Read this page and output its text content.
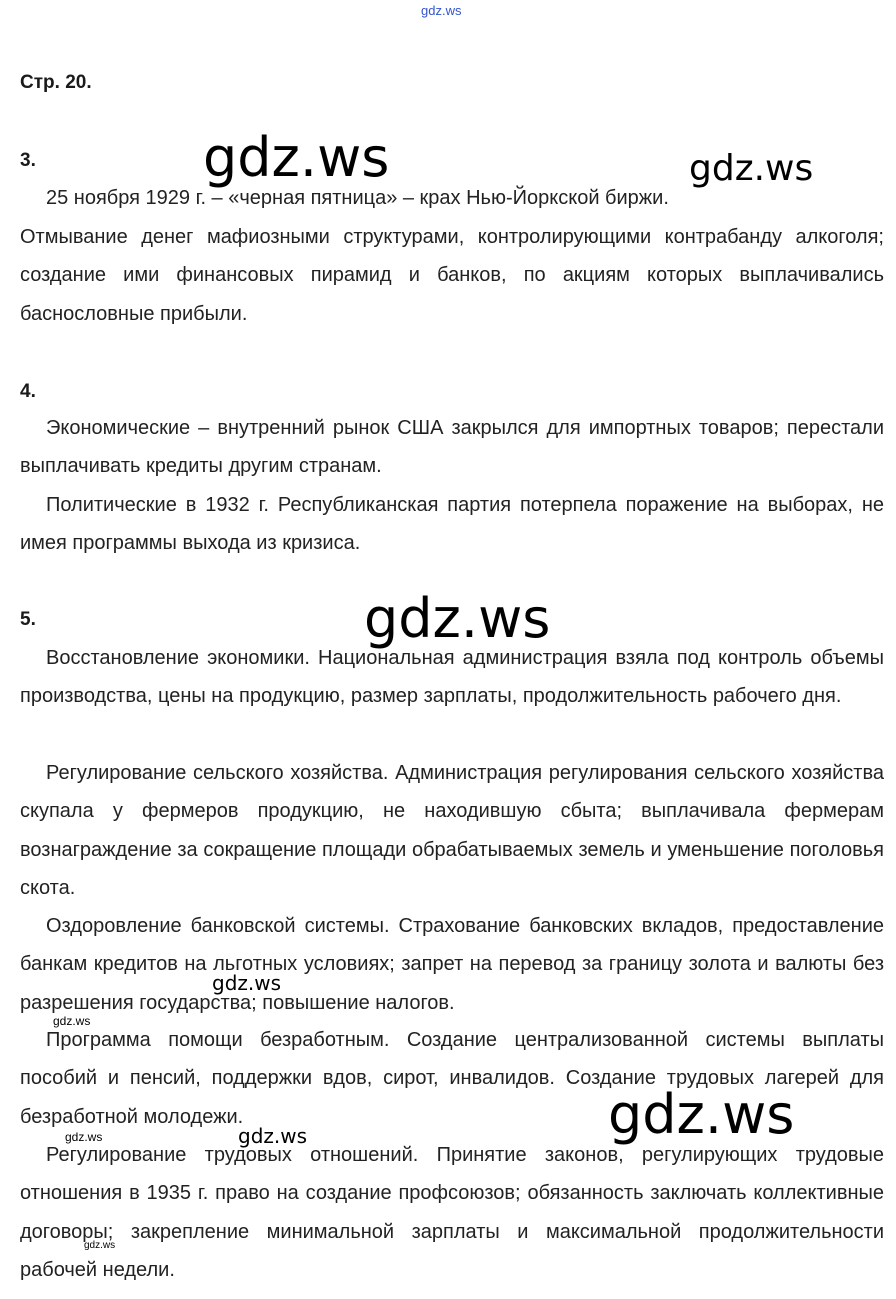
gdz.ws
Стр. 20.
3.

25 ноября 1929 г. – «черная пятница» – крах Нью-Йоркской биржи.

Отмывание денег мафиозными структурами, контролирующими контрабанду алкоголя; создание ими финансовых пирамид и банков, по акциям которых выплачивались баснословные прибыли.

4.

Экономические – внутренний рынок США закрылся для импортных товаров; перестали выплачивать кредиты другим странам.

Политические в 1932 г. Республиканская партия потерпела поражение на выборах, не имея программы выхода из кризиса.

5.

Восстановление экономики. Национальная администрация взяла под контроль объемы производства, цены на продукцию, размер зарплаты, продолжительность рабочего дня.

Регулирование сельского хозяйства. Администрация регулирования сельского хозяйства скупала у фермеров продукцию, не находившую сбыта; выплачивала фермерам вознаграждение за сокращение площади обрабатываемых земель и уменьшение поголовья скота.

Оздоровление банковской системы. Страхование банковских вкладов, предоставление банкам кредитов на льготных условиях; запрет на перевод за границу золота и валюты без разрешения государства; повышение налогов.

Программа помощи безработным. Создание централизованной системы выплаты пособий и пенсий, поддержки вдов, сирот, инвалидов. Создание трудовых лагерей для безработной молодежи.

Регулирование трудовых отношений. Принятие законов, регулирующих трудовые отношения в 1935 г. право на создание профсоюзов; обязанность заключать коллективные договоры; закрепление минимальной зарплаты и максимальной продолжительности рабочей недели.

gdz.ws	gdz.ws
gdz.ws
gdz.ws
gdz.ws
gdz.ws
gdz.ws	gdz.ws
gdz.ws
